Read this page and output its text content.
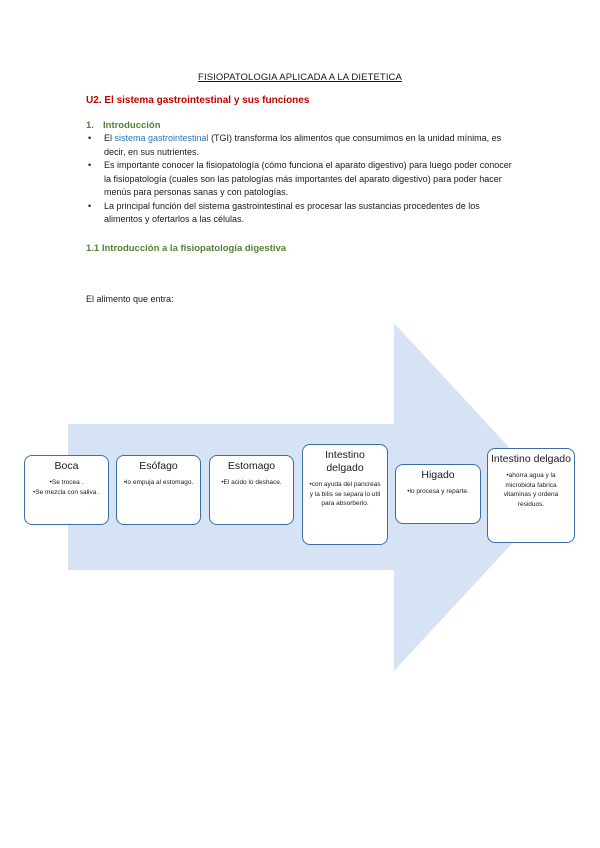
FISIOPATOLOGIA APLICADA A LA DIETETICA
U2. El sistema gastrointestinal y sus funciones
1. Introducción
• El sistema gastrointestinal (TGI) transforma los alimentos que consumimos en la unidad mínima, es decir, en sus nutrientes.
• Es importante conocer la fisiopatología (cómo funciona el aparato digestivo) para luego poder conocer la fisiopatología (cuales son las patologías más importantes del aparato digestivo) para poder hacer menús para personas sanas y con patologías.
• La principal función del sistema gastrointestinal es procesar las sustancias procedentes de los alimentos y ofertarlos a las células.
1.1 Introducción a la fisiopatología digestiva
El alimento que entra:
Boca
• Se trocea .
• Se mezcla con saliva .
Esófago
• lo empuja al estomago.
Estomago
• El acido lo deshace.
Intestino delgado
• con ayuda del pancreas y la bilis se separa lo util para absorberlo.
Higado
• lo procesa y reparte.
Intestino delgado
• ahorra agua y la microbiota fabrica vitaminas y ordena residuos.
